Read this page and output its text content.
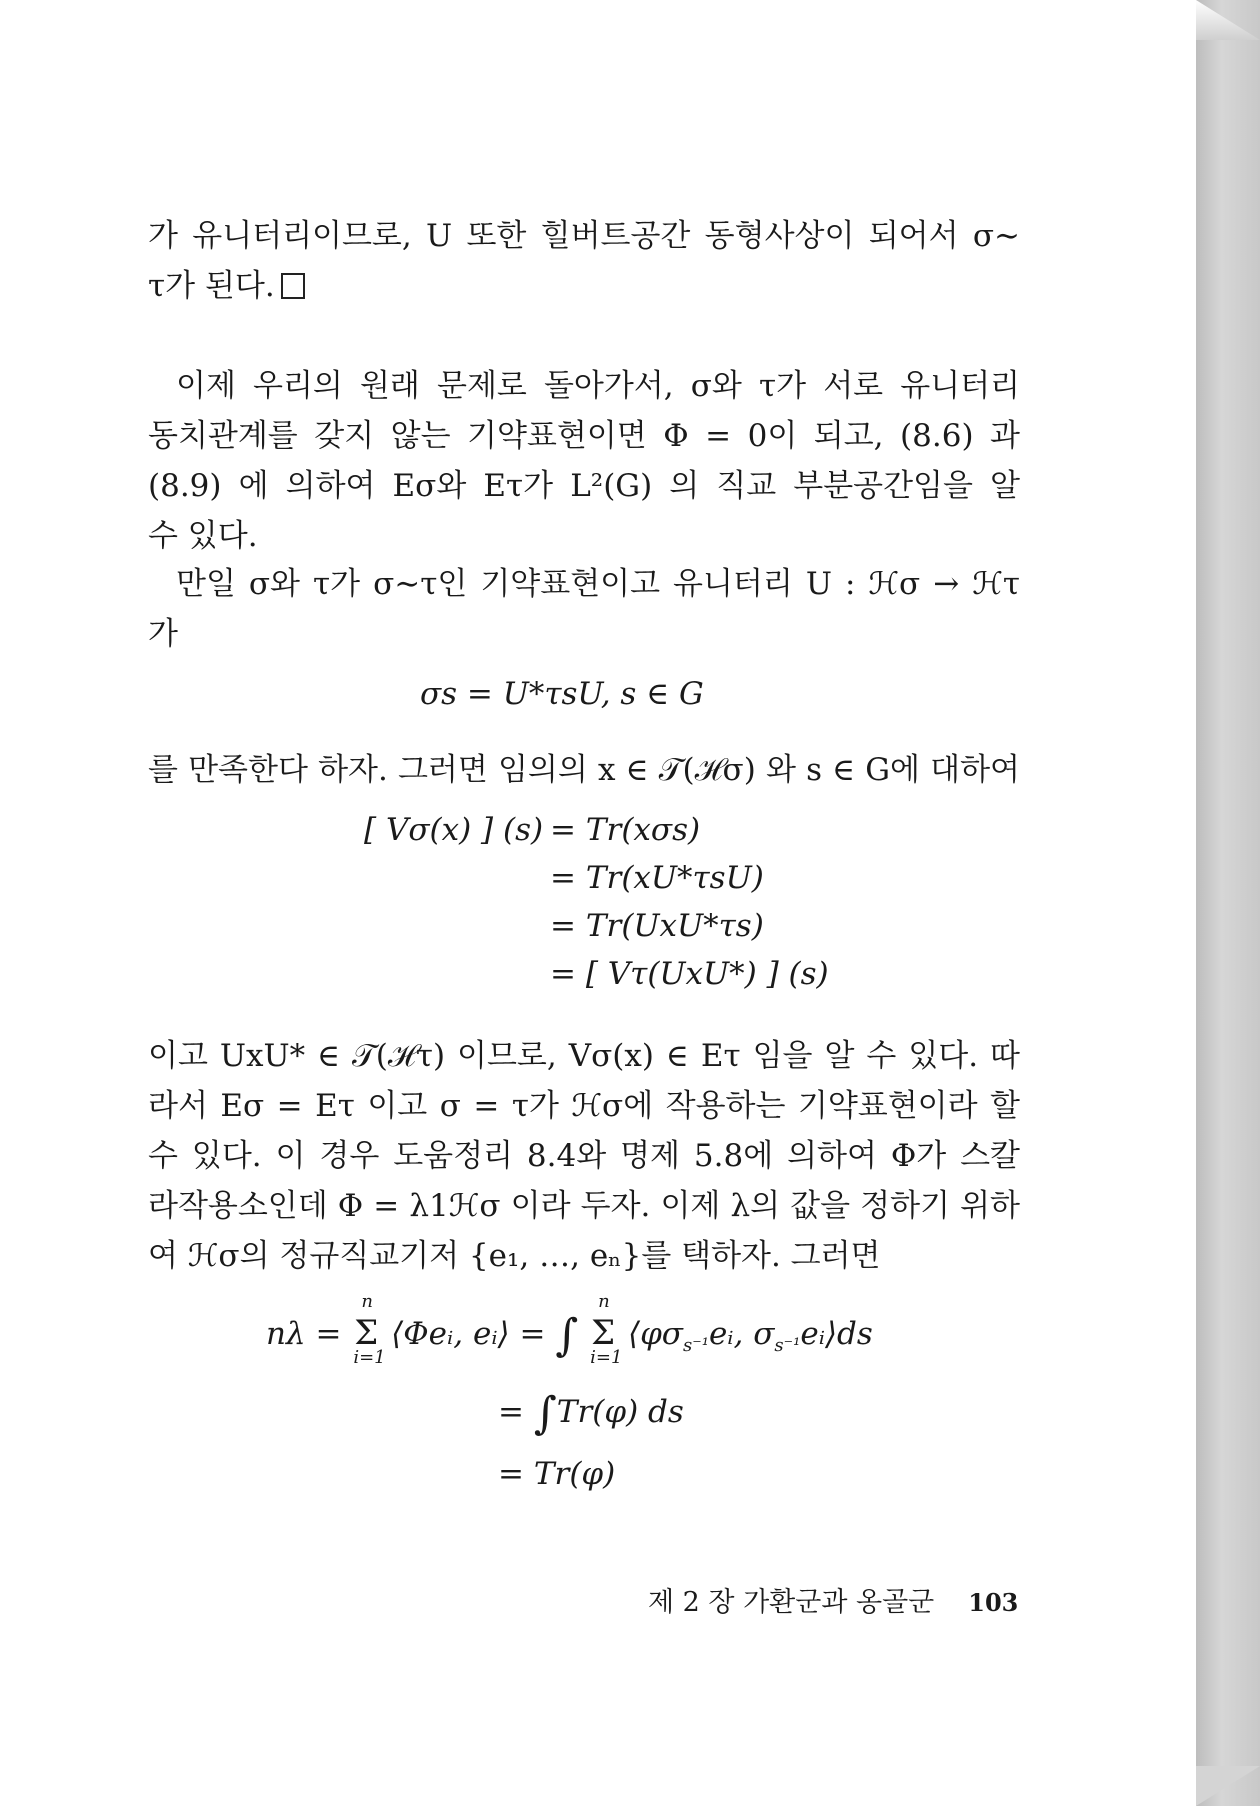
가 유니터리이므로, U 또한 힐버트공간 동형사상이 되어서 σ∼
τ가 된다.
이제 우리의 원래 문제로 돌아가서, σ와 τ가 서로 유니터리
동치관계를 갖지 않는 기약표현이면 Φ = 0이 되고, (8.6) 과
(8.9) 에 의하여 Eσ와 Eτ가 L²(G) 의 직교 부분공간임을 알
수 있다.
만일 σ와 τ가 σ∼τ인 기약표현이고 유니터리 U : ℋσ → ℋτ
가
σs = U*τsU, s ∈ G
를 만족한다 하자. 그러면 임의의 x ∈ 𝒯(ℋσ) 와 s ∈ G에 대하여
[ Vσ(x) ] (s) = Tr(xσs)
= Tr(xU*τsU)
= Tr(UxU*τs)
= [ Vτ(UxU*) ] (s)
이고 UxU* ∈ 𝒯(ℋτ) 이므로, Vσ(x) ∈ Eτ 임을 알 수 있다. 따
라서 Eσ = Eτ 이고 σ = τ가 ℋσ에 작용하는 기약표현이라 할
수 있다. 이 경우 도움정리 8.4와 명제 5.8에 의하여 Φ가 스칼
라작용소인데 Φ = λ1ℋσ 이라 두자. 이제 λ의 값을 정하기 위하
여 ℋσ의 정규직교기저 {e₁, …, eₙ}를 택하자. 그러면
nλ =
n
Σ
i=1
⟨Φeᵢ, eᵢ⟩ = ∫
n
Σ
i=1
$⟨\varphi\sigma_{s^{-1}}eᵢ$, $\sigma_{s^{-1}}eᵢ⟩ds$
= ∫Tr(φ) ds
= Tr(φ)
제 2 장 가환군과 옹골군 103
